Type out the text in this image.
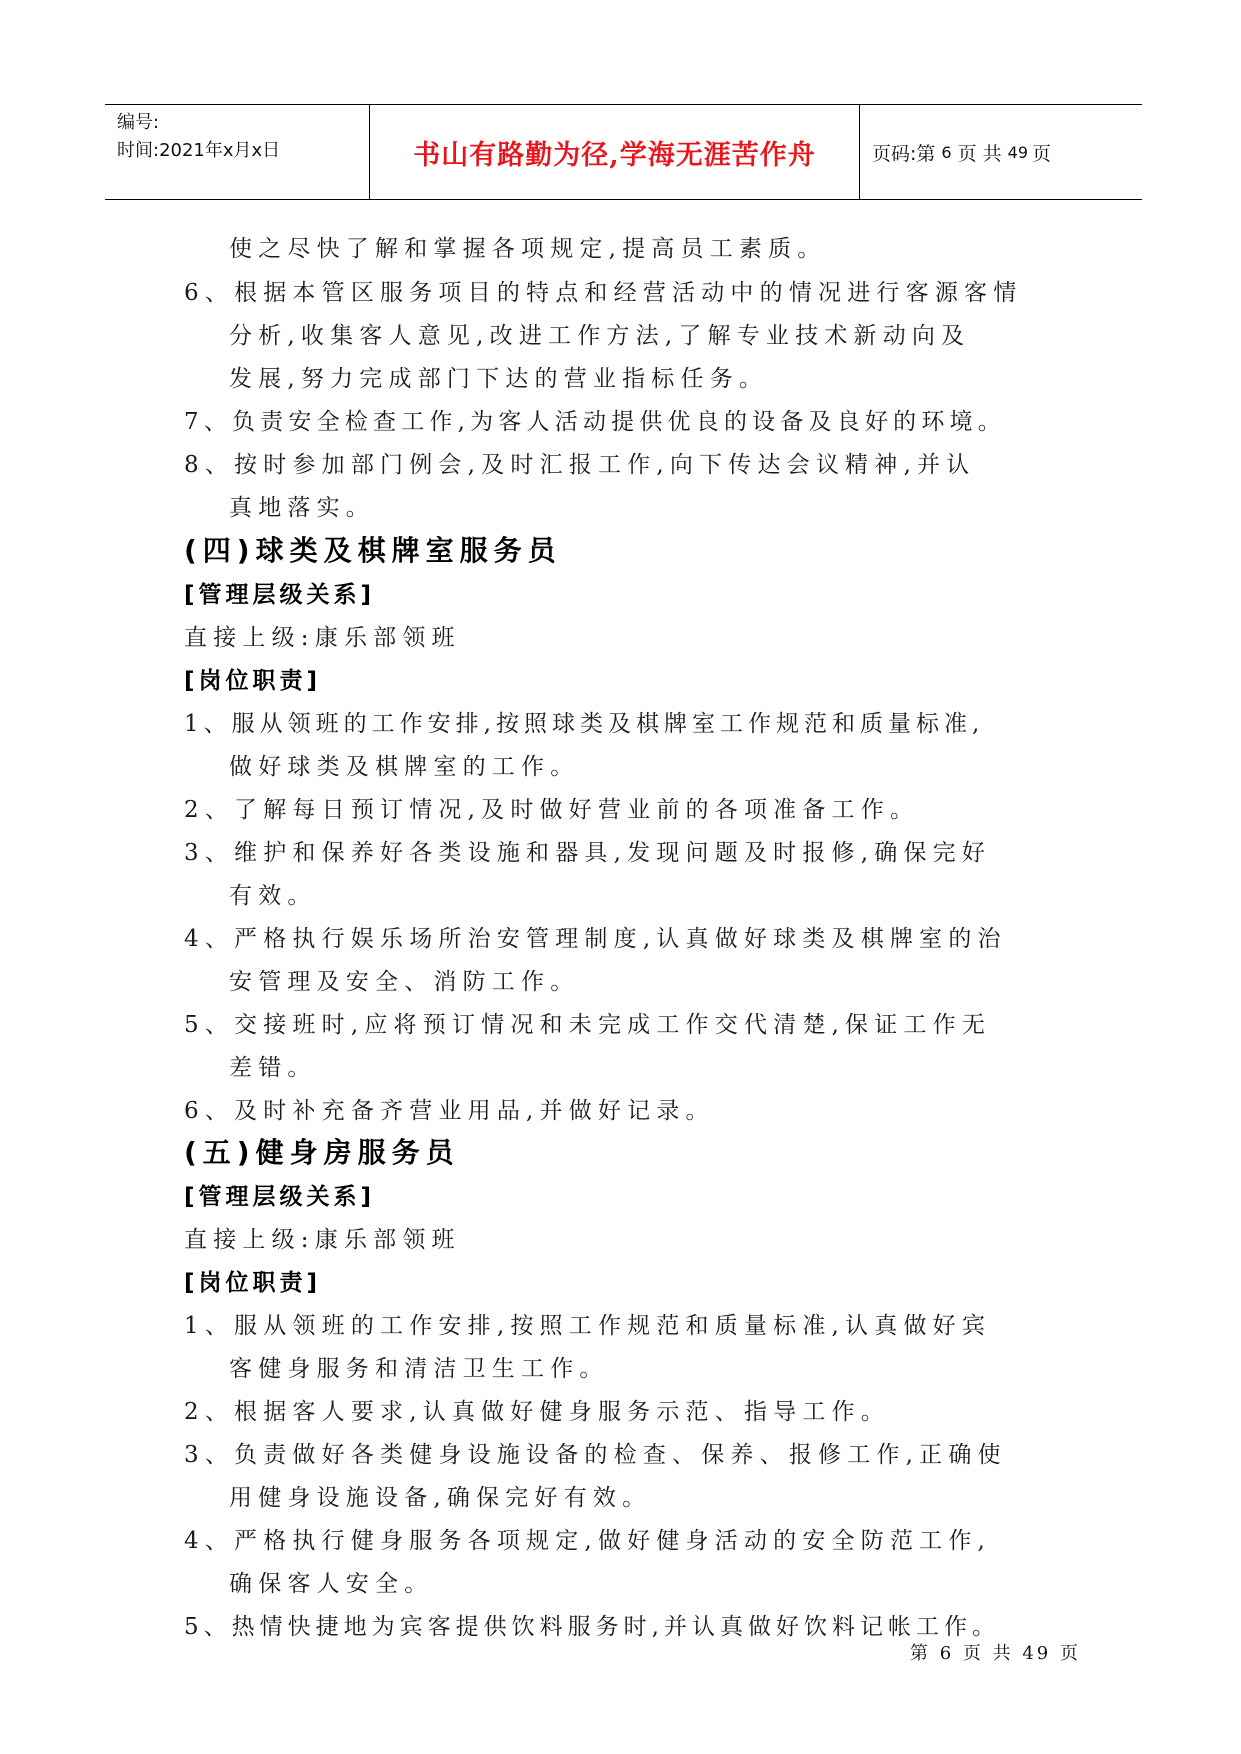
编号:
时间:2021年x月x日	书山有路勤为径,学海无涯苦作舟	页码:第 6 页 共 49 页
使之尽快了解和掌握各项规定,提高员工素质。
6、根据本管区服务项目的特点和经营活动中的情况进行客源客情
分析,收集客人意见,改进工作方法,了解专业技术新动向及
发展,努力完成部门下达的营业指标任务。
7、负责安全检查工作,为客人活动提供优良的设备及良好的环境。
8、按时参加部门例会,及时汇报工作,向下传达会议精神,并认
真地落实。
(四)球类及棋牌室服务员
[管理层级关系]
直接上级:康乐部领班
[岗位职责]
1、服从领班的工作安排,按照球类及棋牌室工作规范和质量标准,
做好球类及棋牌室的工作。
2、了解每日预订情况,及时做好营业前的各项准备工作。
3、维护和保养好各类设施和器具,发现问题及时报修,确保完好
有效。
4、严格执行娱乐场所治安管理制度,认真做好球类及棋牌室的治
安管理及安全、消防工作。
5、交接班时,应将预订情况和未完成工作交代清楚,保证工作无
差错。
6、及时补充备齐营业用品,并做好记录。
(五)健身房服务员
[管理层级关系]
直接上级:康乐部领班
[岗位职责]
1、服从领班的工作安排,按照工作规范和质量标准,认真做好宾
客健身服务和清洁卫生工作。
2、根据客人要求,认真做好健身服务示范、指导工作。
3、负责做好各类健身设施设备的检查、保养、报修工作,正确使
用健身设施设备,确保完好有效。
4、严格执行健身服务各项规定,做好健身活动的安全防范工作,
确保客人安全。
5、热情快捷地为宾客提供饮料服务时,并认真做好饮料记帐工作。
第 6 页 共 49 页
